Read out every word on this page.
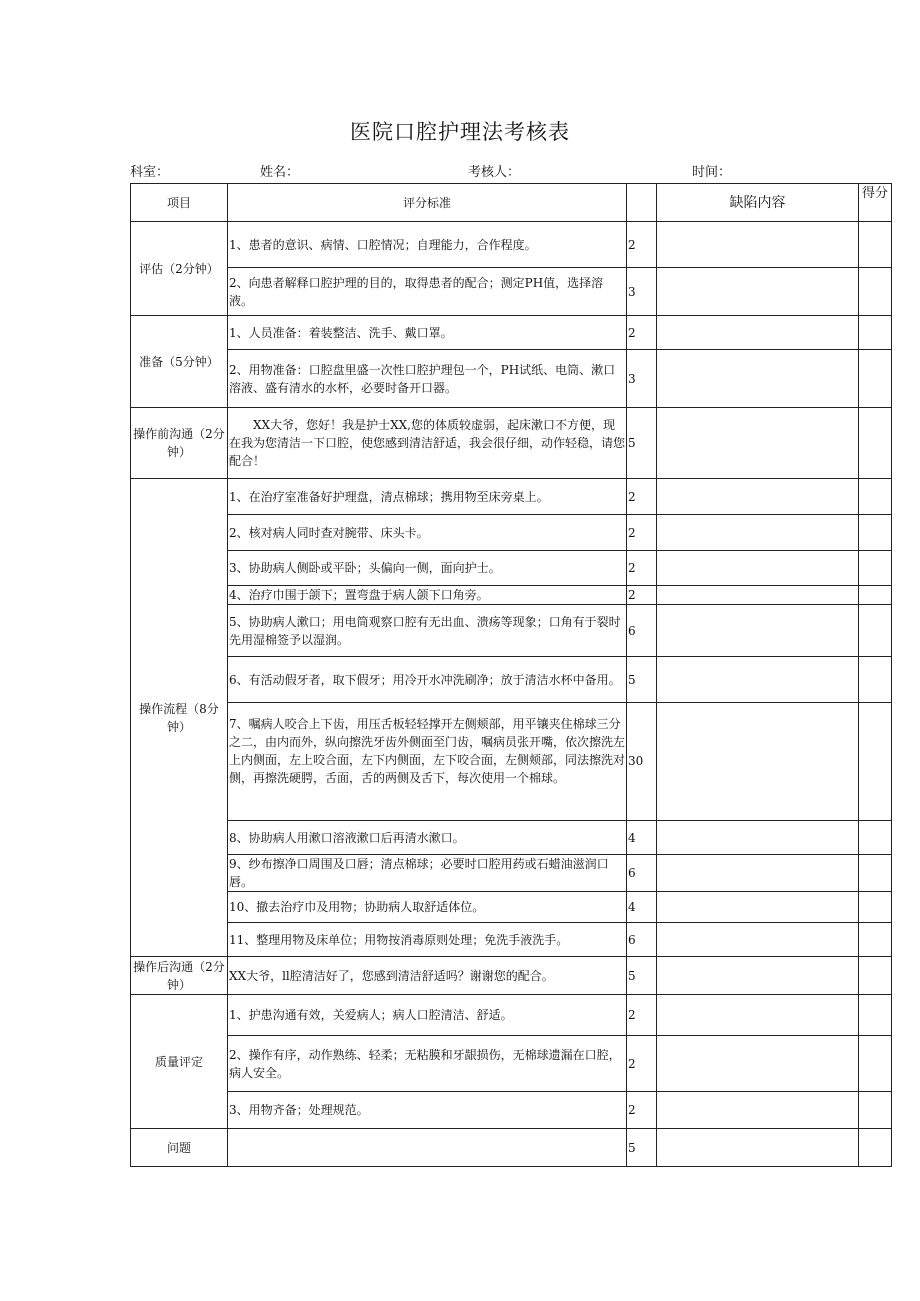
医院口腔护理法考核表
科室：	姓名：	考核人：	时间：
项目	评分标准		缺陷内容	得分
评估（2分钟）	1、患者的意识、病情、口腔情况；自理能力，合作程度。	2		
	2、向患者解释口腔护理的目的，取得患者的配合；测定PH值，选择溶液。	3		
准备（5分钟）	1、人员准备：着装整洁、洗手、戴口罩。	2		
	2、用物准备：口腔盘里盛一次性口腔护理包一个，PH试纸、电筒、漱口溶液、盛有清水的水杯，必要时备开口器。	3		
操作前沟通（2分钟）	XX大爷，您好！我是护士XX,您的体质较虚弱，起床漱口不方便，现在我为您清洁一下口腔，使您感到清洁舒适，我会很仔细，动作轻稳，请您配合！	5		
操作流程（8分钟）	1、在治疗室准备好护理盘，清点棉球；携用物至床旁桌上。	2		
	2、核对病人同时查对腕带、床头卡。	2		
	3、协助病人侧卧或平卧；头偏向一侧，面向护士。	2		
	4、治疗巾围于颌下；置弯盘于病人颌下口角旁。	2		
	5、协助病人漱口；用电筒观察口腔有无出血、溃疡等现象；口角有于裂时先用湿棉签予以湿润。	6		
	6、有活动假牙者，取下假牙；用冷开水冲洗刷净；放于清洁水杯中备用。	5		
	7、嘱病人咬合上下齿，用压舌板轻轻撑开左侧颊部，用平镶夹住棉球三分之二，由内而外，纵向擦洗牙齿外侧面至门齿，嘱病员张开嘴，依次擦洗左上内侧面，左上咬合面，左下内侧面，左下咬合面，左侧颊部，同法擦洗对侧，再擦洗硬腭，舌面，舌的两侧及舌下，每次使用一个棉球。	30		
	8、协助病人用漱口溶液漱口后再清水漱口。	4		
	9、纱布擦净口周围及口唇；清点棉球；必要时口腔用药或石蜡油滋润口唇。	6		
	10、撤去治疗巾及用物；协助病人取舒适体位。	4		
	11、整理用物及床单位；用物按消毒原则处理；免洗手液洗手。	6		
操作后沟通（2分钟）	XX大爷，ll腔清洁好了，您感到清洁舒适吗？谢谢您的配合。	5		
质量评定	1、护患沟通有效，关爱病人；病人口腔清洁、舒适。	2		
	2、操作有序，动作熟练、轻柔；无粘膜和牙龈损伤，无棉球遗漏在口腔，病人安全。	2		
	3、用物齐备；处理规范。	2		
问题		5		
